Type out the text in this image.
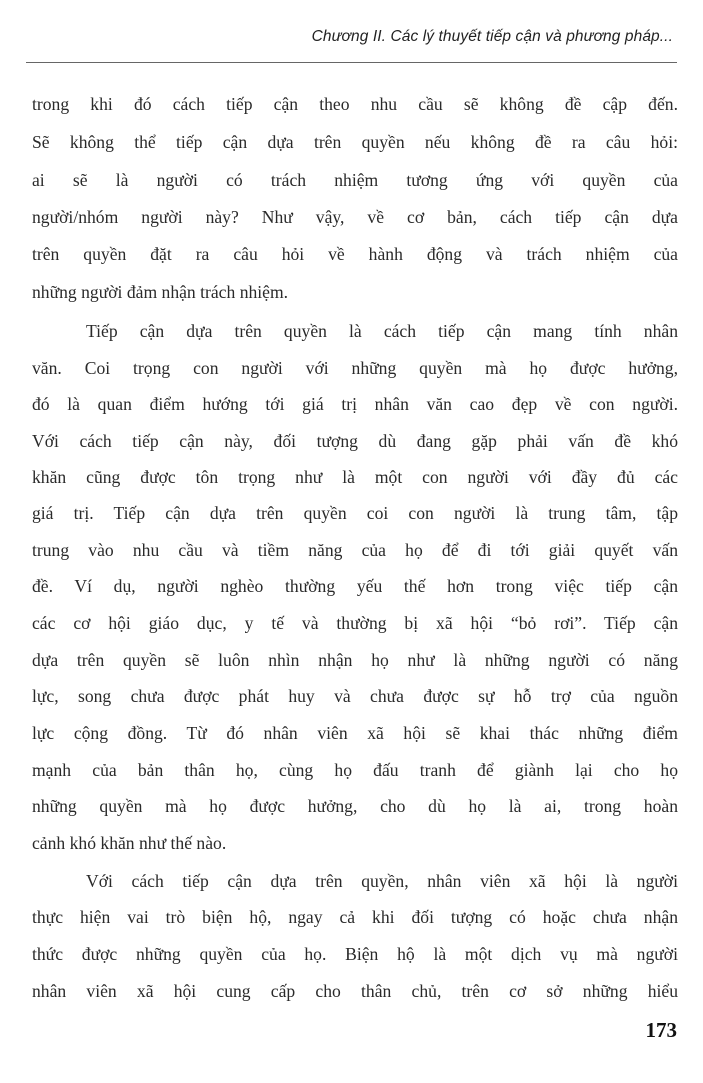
Chương II. Các lý thuyết tiếp cận và phương pháp...
trong khi đó cách tiếp cận theo nhu cầu sẽ không đề cập đến.
Sẽ không thể tiếp cận dựa trên quyền nếu không đề ra câu hỏi:
ai sẽ là người có trách nhiệm tương ứng với quyền của
người/nhóm người này? Như vậy, về cơ bản, cách tiếp cận dựa
trên quyền đặt ra câu hỏi về hành động và trách nhiệm của
những người đảm nhận trách nhiệm.
Tiếp cận dựa trên quyền là cách tiếp cận mang tính nhân
văn. Coi trọng con người với những quyền mà họ được hưởng,
đó là quan điểm hướng tới giá trị nhân văn cao đẹp về con người.
Với cách tiếp cận này, đối tượng dù đang gặp phải vấn đề khó
khăn cũng được tôn trọng như là một con người với đầy đủ các
giá trị. Tiếp cận dựa trên quyền coi con người là trung tâm, tập
trung vào nhu cầu và tiềm năng của họ để đi tới giải quyết vấn
đề. Ví dụ, người nghèo thường yếu thế hơn trong việc tiếp cận
các cơ hội giáo dục, y tế và thường bị xã hội “bỏ rơi”. Tiếp cận
dựa trên quyền sẽ luôn nhìn nhận họ như là những người có năng
lực, song chưa được phát huy và chưa được sự hỗ trợ của nguồn
lực cộng đồng. Từ đó nhân viên xã hội sẽ khai thác những điểm
mạnh của bản thân họ, cùng họ đấu tranh để giành lại cho họ
những quyền mà họ được hưởng, cho dù họ là ai, trong hoàn
cảnh khó khăn như thế nào.
Với cách tiếp cận dựa trên quyền, nhân viên xã hội là người
thực hiện vai trò biện hộ, ngay cả khi đối tượng có hoặc chưa nhận
thức được những quyền của họ. Biện hộ là một dịch vụ mà người
nhân viên xã hội cung cấp cho thân chủ, trên cơ sở những hiểu
173
